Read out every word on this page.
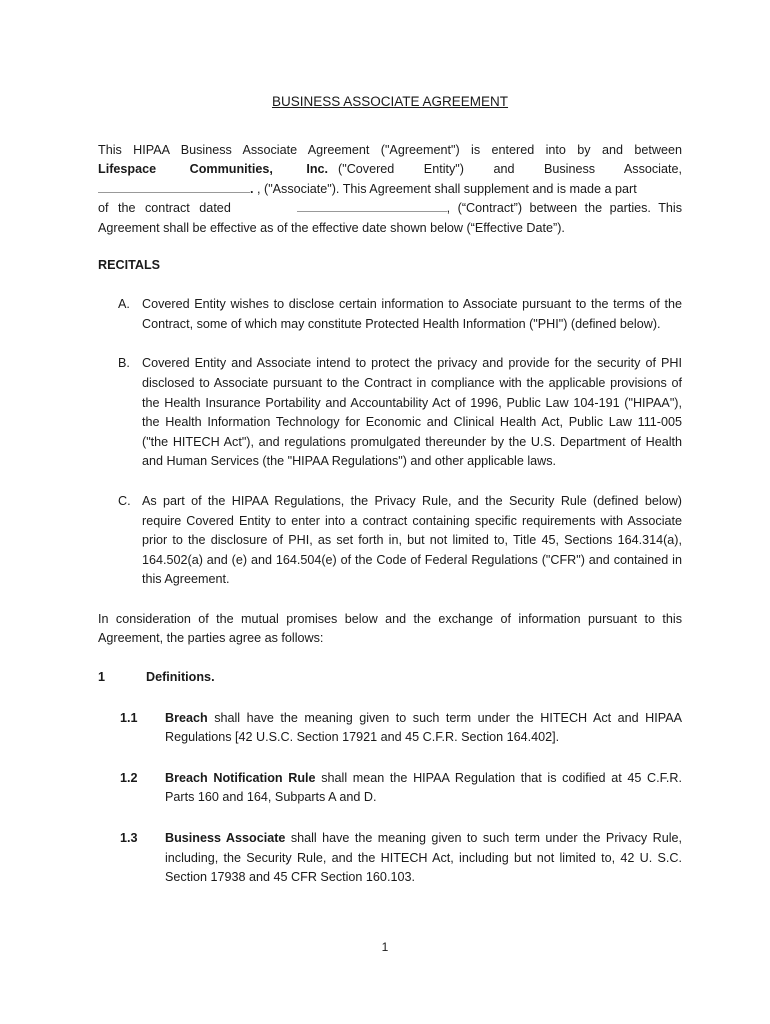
BUSINESS ASSOCIATE AGREEMENT

This HIPAA Business Associate Agreement ("Agreement") is entered into by and between

Lifespace Communities, Inc. ("Covered Entity") and Business Associate,
. , ("Associate"). This Agreement shall supplement and is made a part
of the contract dated	, (“Contract”) between the parties. This
Agreement shall be effective as of the effective date shown below (“Effective Date”).
RECITALS
A. Covered Entity wishes to disclose certain information to Associate pursuant to the terms of the Contract, some of which may constitute Protected Health Information ("PHI") (defined below).
B. Covered Entity and Associate intend to protect the privacy and provide for the security of PHI disclosed to Associate pursuant to the Contract in compliance with the applicable provisions of the Health Insurance Portability and Accountability Act of 1996, Public Law 104-191 ("HIPAA"), the Health Information Technology for Economic and Clinical Health Act, Public Law 111-005 ("the HITECH Act"), and regulations promulgated thereunder by the U.S. Department of Health and Human Services (the "HIPAA Regulations") and other applicable laws.
C. As part of the HIPAA Regulations, the Privacy Rule, and the Security Rule (defined below) require Covered Entity to enter into a contract containing specific requirements with Associate prior to the disclosure of PHI, as set forth in, but not limited to, Title 45, Sections 164.314(a), 164.502(a) and (e) and 164.504(e) of the Code of Federal Regulations ("CFR") and contained in this Agreement.

In consideration of the mutual promises below and the exchange of information pursuant to this Agreement, the parties agree as follows:

1	Definitions.
1.1	Breach shall have the meaning given to such term under the HITECH Act and HIPAA Regulations [42 U.S.C. Section 17921 and 45 C.F.R. Section 164.402].
1.2	Breach Notification Rule shall mean the HIPAA Regulation that is codified at 45 C.F.R. Parts 160 and 164, Subparts A and D.
1.3	Business Associate shall have the meaning given to such term under the Privacy Rule, including, the Security Rule, and the HITECH Act, including but not limited to, 42 U. S.C. Section 17938 and 45 CFR Section 160.103.
1
